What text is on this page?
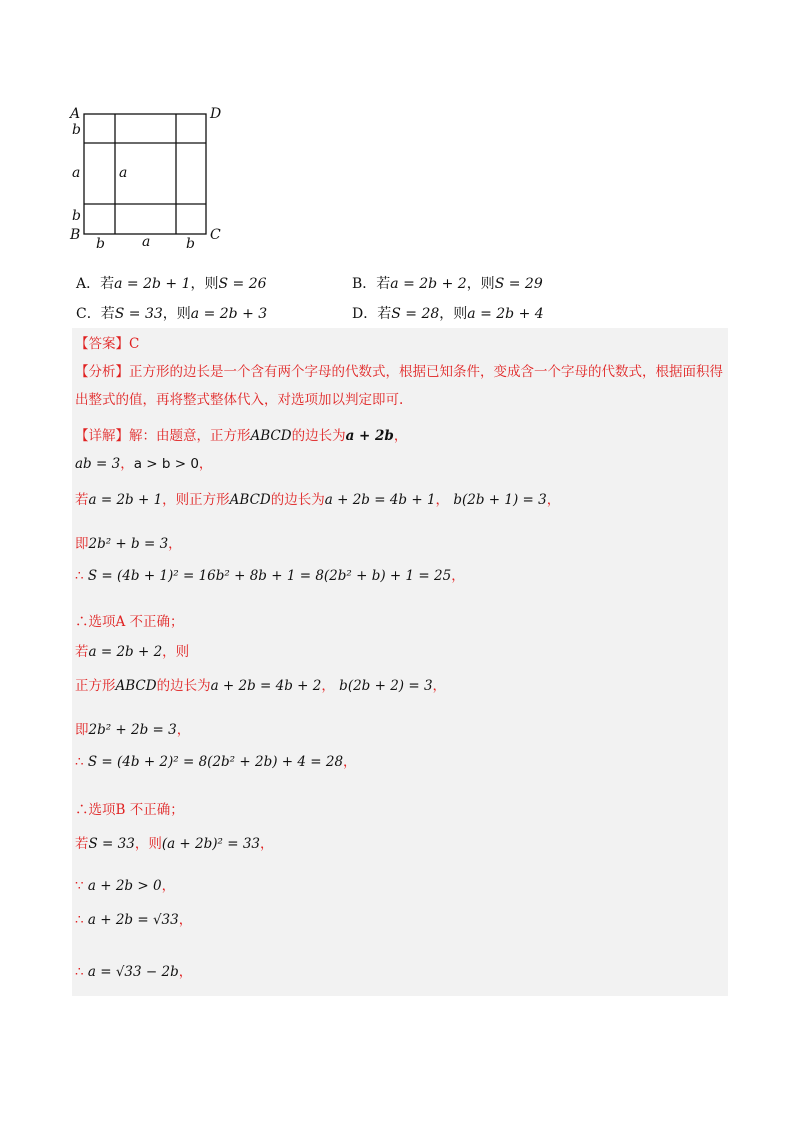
A	D
B	C
b
a
b
b	a	b
a
A．若a = 2b + 1，则S = 26	B．若a = 2b + 2，则S = 29
C．若S = 33，则a = 2b + 3	D．若S = 28，则a = 2b + 4
【答案】C
【分析】正方形的边长是一个含有两个字母的代数式，根据已知条件，变成含一个字母的代数式，根据面积得出整式的值，再将整式整体代入，对选项加以判定即可.
【详解】解：由题意，正方形ABCD的边长为a + 2b，
ab = 3，a > b > 0，
若a = 2b + 1，则正方形ABCD的边长为a + 2b = 4b + 1， b(2b + 1) = 3，
即2b² + b = 3，
∴ S = (4b + 1)² = 16b² + 8b + 1 = 8(2b² + b) + 1 = 25，
∴选项A 不正确；
若a = 2b + 2，则
正方形ABCD的边长为a + 2b = 4b + 2， b(2b + 2) = 3，
即2b² + 2b = 3，
∴ S = (4b + 2)² = 8(2b² + 2b) + 4 = 28，
∴选项B 不正确；
若S = 33，则(a + 2b)² = 33，
∵ a + 2b > 0，
∴ a + 2b = √33，
∴ a = √33 − 2b，
